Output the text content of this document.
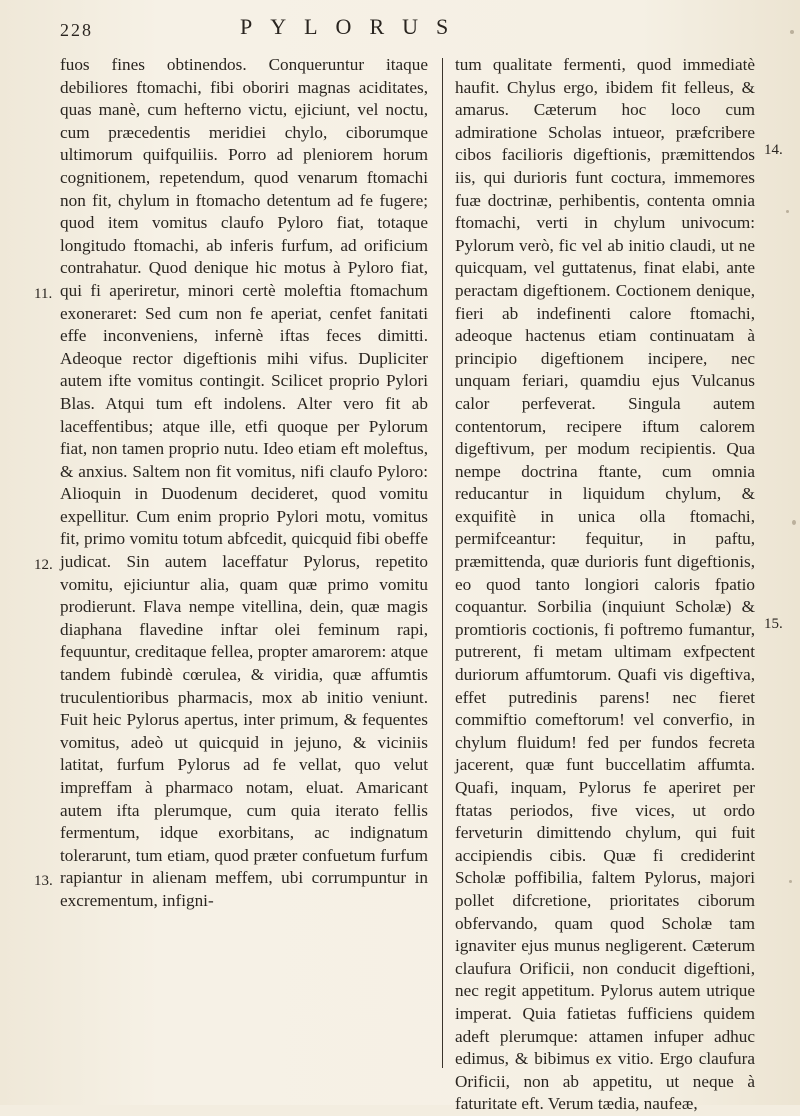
228	PYLORUS

fuos fines obtinendos. Conqueruntur itaque debiliores ftomachi, fibi oboriri magnas aciditates, quas manè, cum hefterno victu, ejiciunt, vel noctu, cum præcedentis meridiei chylo, ciborumque ultimorum quifquiliis. Porro ad pleniorem horum cognitionem, repetendum, quod venarum ftomachi non fit, chylum in ftomacho detentum ad fe fugere; quod item vomitus claufo Pyloro fiat, totaque longitudo ftomachi, ab inferis furfum, ad orificium contrahatur. Quod denique hic motus à Pyloro fiat, qui fi aperiretur, minori certè moleftia ftomachum exoneraret: Sed cum non fe aperiat, cenfet fanitati effe inconveniens, infernè iftas feces dimitti. Adeoque rector digeftionis mihi vifus. Dupliciter autem ifte vomitus contingit. Scilicet proprio Pylori Blas. Atqui tum eft indolens. Alter vero fit ab laceffentibus; atque ille, etfi quoque per Pylorum fiat, non tamen proprio nutu. Ideo etiam eft moleftus, & anxius. Saltem non fit vomitus, nifi claufo Pyloro: Alioquin in Duodenum decideret, quod vomitu expellitur. Cum enim proprio Pylori motu, vomitus fit, primo vomitu totum abfcedit, quicquid fibi obeffe judicat. Sin autem laceffatur Pylorus, repetito vomitu, ejiciuntur alia, quam quæ primo vomitu prodierunt. Flava nempe vitellina, dein, quæ magis diaphana flavedine inftar olei feminum rapi, fequuntur, creditaque fellea, propter amarorem: atque tandem fubindè cœrulea, & viridia, quæ affumtis truculentioribus pharmacis, mox ab initio veniunt. Fuit heic Pylorus apertus, inter primum, & fequentes vomitus, adeò ut quicquid in jejuno, & viciniis latitat, furfum Pylorus ad fe vellat, quo velut impreffam à pharmaco notam, eluat. Amaricant autem ifta plerumque, cum quia iterato fellis fermentum, idque exorbitans, ac indignatum tolerarunt, tum etiam, quod præter confuetum furfum rapiantur in alienam meffem, ubi corrumpuntur in excrementum, infigni-

tum qualitate fermenti, quod immediatè haufit. Chylus ergo, ibidem fit felleus, & amarus. Cæterum hoc loco cum admiratione Scholas intueor, præfcribere cibos facilioris digeftionis, præmittendos iis, qui durioris funt coctura, immemores fuæ doctrinæ, perhibentis, contenta omnia ftomachi, verti in chylum univocum: Pylorum verò, fic vel ab initio claudi, ut ne quicquam, vel guttatenus, finat elabi, ante peractam digeftionem. Coctionem denique, fieri ab indefinenti calore ftomachi, adeoque hactenus etiam continuatam à principio digeftionem incipere, nec unquam feriari, quamdiu ejus Vulcanus calor perfeverat. Singula autem contentorum, recipere iftum calorem digeftivum, per modum recipientis. Qua nempe doctrina ftante, cum omnia reducantur in liquidum chylum, & exquifitè in unica olla ftomachi, permifceantur: fequitur, in paftu, præmittenda, quæ durioris funt digeftionis, eo quod tanto longiori caloris fpatio coquantur. Sorbilia (inquiunt Scholæ) & promtioris coctionis, fi poftremo fumantur, putrerent, fi metam ultimam exfpectent duriorum affumtorum. Quafi vis digeftiva, effet putredinis parens! nec fieret commiftio comeftorum! vel converfio, in chylum fluidum! fed per fundos fecreta jacerent, quæ funt buccellatim affumta. Quafi, inquam, Pylorus fe aperiret per ftatas periodos, five vices, ut ordo ferveturin dimittendo chylum, qui fuit accipiendis cibis. Quæ fi crediderint Scholæ poffibilia, faltem Pylorus, majori pollet difcretione, prioritates ciborum obfervando, quam quod Scholæ tam ignaviter ejus munus negligerent. Cæterum claufura Orificii, non conducit digeftioni, nec regit appetitum. Pylorus autem utrique imperat. Quia fatietas fufficiens quidem adeft plerumque: attamen infuper adhuc edimus, & bibimus ex vitio. Ergo claufura Orificii, non ab appetitu, ut neque à faturitate eft. Verum tædia, naufeæ,

11.
12.
13.
14.
15.
